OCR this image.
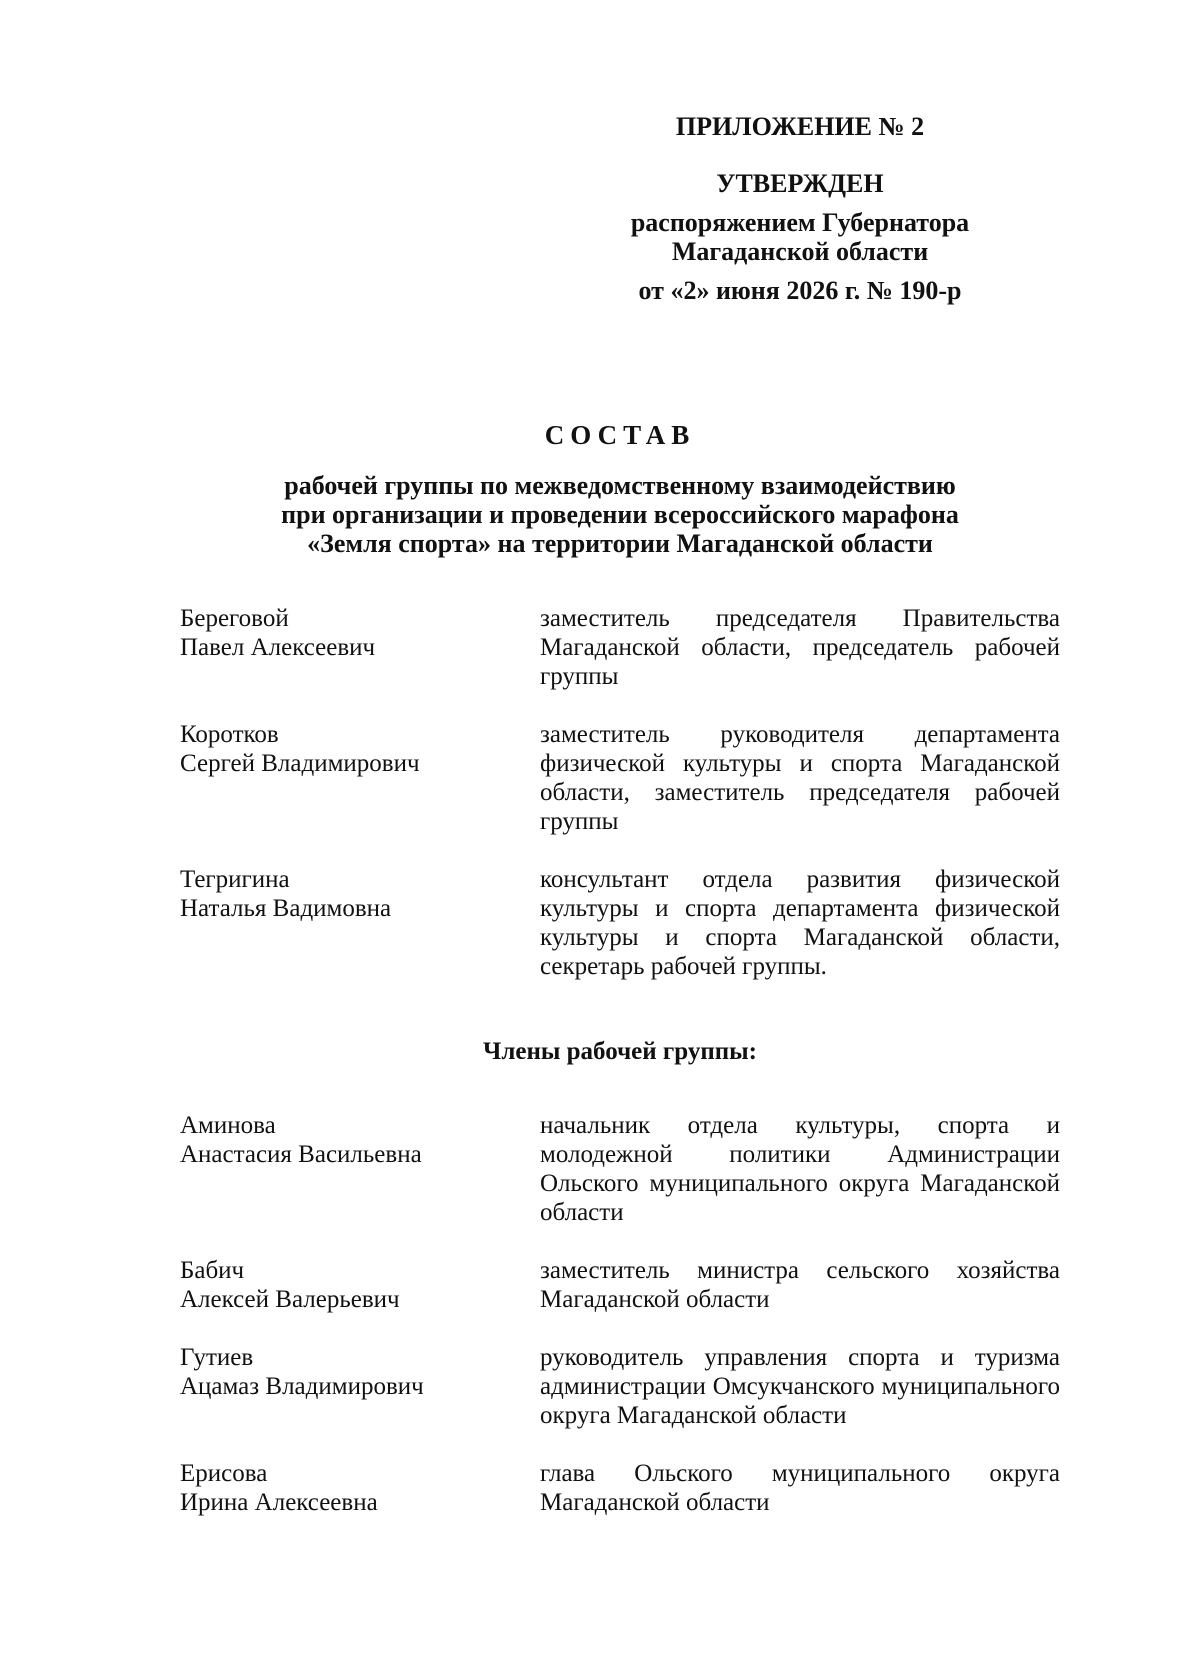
ПРИЛОЖЕНИЕ № 2
УТВЕРЖДЕН
распоряжением Губернатора
Магаданской области
от «2» июня 2026 г. № 190-р
СОСТАВ
рабочей группы по межведомственному взаимодействию
при организации и проведении всероссийского марафона
«Земля спорта» на территории Магаданской области
Береговой
Павел Алексеевич
заместитель председателя Правительства Магаданской области, председатель рабочей группы
Коротков
Сергей Владимирович
заместитель руководителя департамента физической культуры и спорта Магаданской области, заместитель председателя рабочей группы
Тегригина
Наталья Вадимовна
консультант отдела развития физической культуры и спорта департамента физической культуры и спорта Магаданской области, секретарь рабочей группы.
Члены рабочей группы:
Аминова
Анастасия Васильевна
начальник отдела культуры, спорта и молодежной политики Администрации Ольского муниципального округа Магаданской области
Бабич
Алексей Валерьевич
заместитель министра сельского хозяйства Магаданской области
Гутиев
Ацамаз Владимирович
руководитель управления спорта и туризма администрации Омсукчанского муниципального округа Магаданской области
Ерисова
Ирина Алексеевна
глава Ольского муниципального округа Магаданской области
